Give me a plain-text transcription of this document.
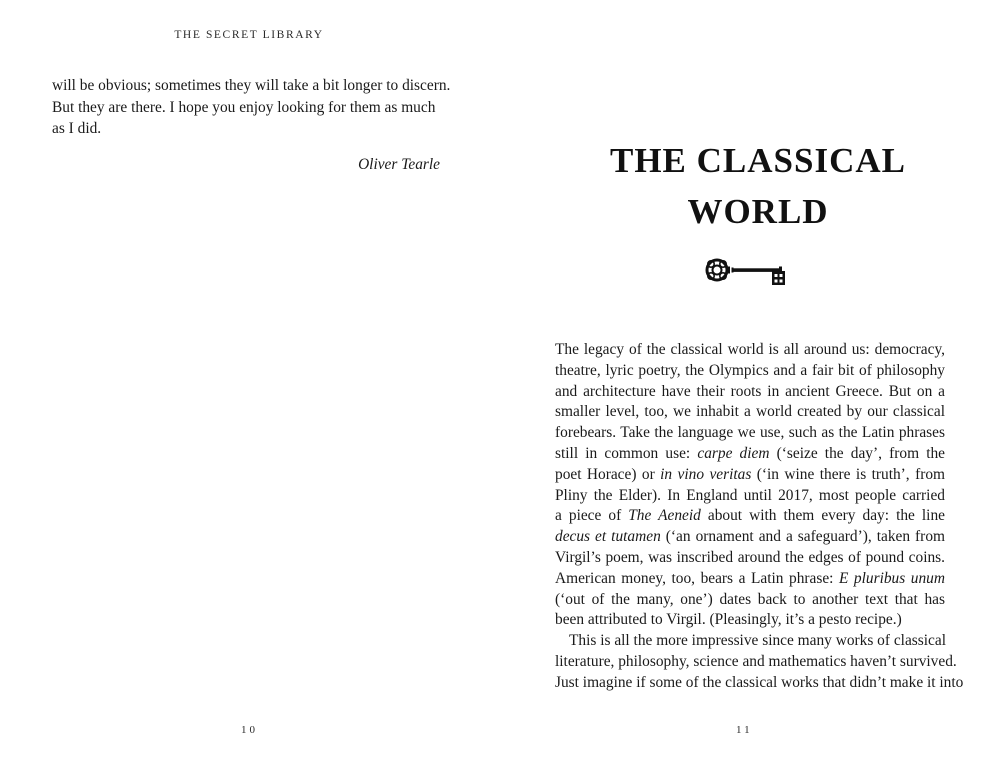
THE SECRET LIBRARY
will be obvious; sometimes they will take a bit longer to discern.
But they are there. I hope you enjoy looking for them as much
as I did.
Oliver Tearle
10
THE CLASSICAL
WORLD
The legacy of the classical world is all around us: democracy,
theatre, lyric poetry, the Olympics and a fair bit of philosophy
and architecture have their roots in ancient Greece. But on a
smaller level, too, we inhabit a world created by our classical
forebears. Take the language we use, such as the Latin phrases
still in common use: carpe diem (‘seize the day’, from the
poet Horace) or in vino veritas (‘in wine there is truth’, from
Pliny the Elder). In England until 2017, most people carried
a piece of The Aeneid about with them every day: the line
decus et tutamen (‘an ornament and a safeguard’), taken from
Virgil’s poem, was inscribed around the edges of pound coins.
American money, too, bears a Latin phrase: E pluribus unum
(‘out of the many, one’) dates back to another text that has
been attributed to Virgil. (Pleasingly, it’s a pesto recipe.)
This is all the more impressive since many works of classical
literature, philosophy, science and mathematics haven’t survived.
Just imagine if some of the classical works that didn’t make it into
11
